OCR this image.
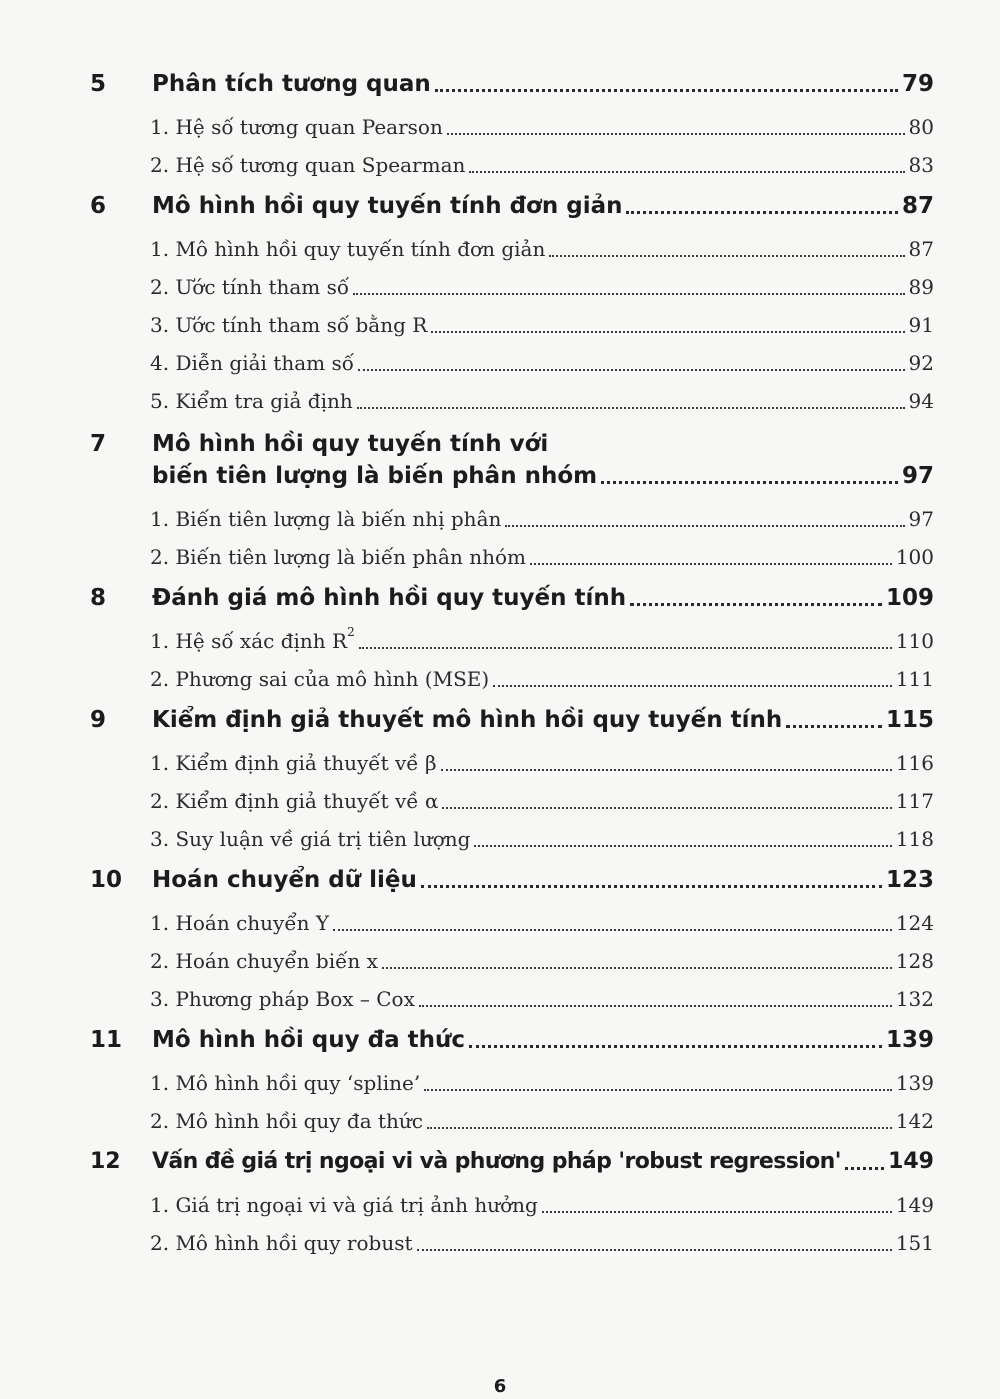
5	Phân tích tương quan	79
1. Hệ số tương quan Pearson	80
2. Hệ số tương quan Spearman	83
6	Mô hình hồi quy tuyến tính đơn giản	87
1. Mô hình hồi quy tuyến tính đơn giản	87
2. Ước tính tham số	89
3. Ước tính tham số bằng R	91
4. Diễn giải tham số	92
5. Kiểm tra giả định	94
7	Mô hình hồi quy tuyến tính với
biến tiên lượng là biến phân nhóm	97
1. Biến tiên lượng là biến nhị phân	97
2. Biến tiên lượng là biến phân nhóm	100
8	Đánh giá mô hình hồi quy tuyến tính	109
1. Hệ số xác định $R^2$	110
2. Phương sai của mô hình (MSE)	111
9	Kiểm định giả thuyết mô hình hồi quy tuyến tính	115
1. Kiểm định giả thuyết về β	116
2. Kiểm định giả thuyết về α	117
3. Suy luận về giá trị tiên lượng	118
10	Hoán chuyển dữ liệu	123
1. Hoán chuyển Y	124
2. Hoán chuyển biến x	128
3. Phương pháp Box – Cox	132
11	Mô hình hồi quy đa thức	139
1. Mô hình hồi quy ‘spline’	139
2. Mô hình hồi quy đa thức	142
12	Vấn đề giá trị ngoại vi và phương pháp 'robust regression' 149
1. Giá trị ngoại vi và giá trị ảnh hưởng	149
2. Mô hình hồi quy robust	151
6
